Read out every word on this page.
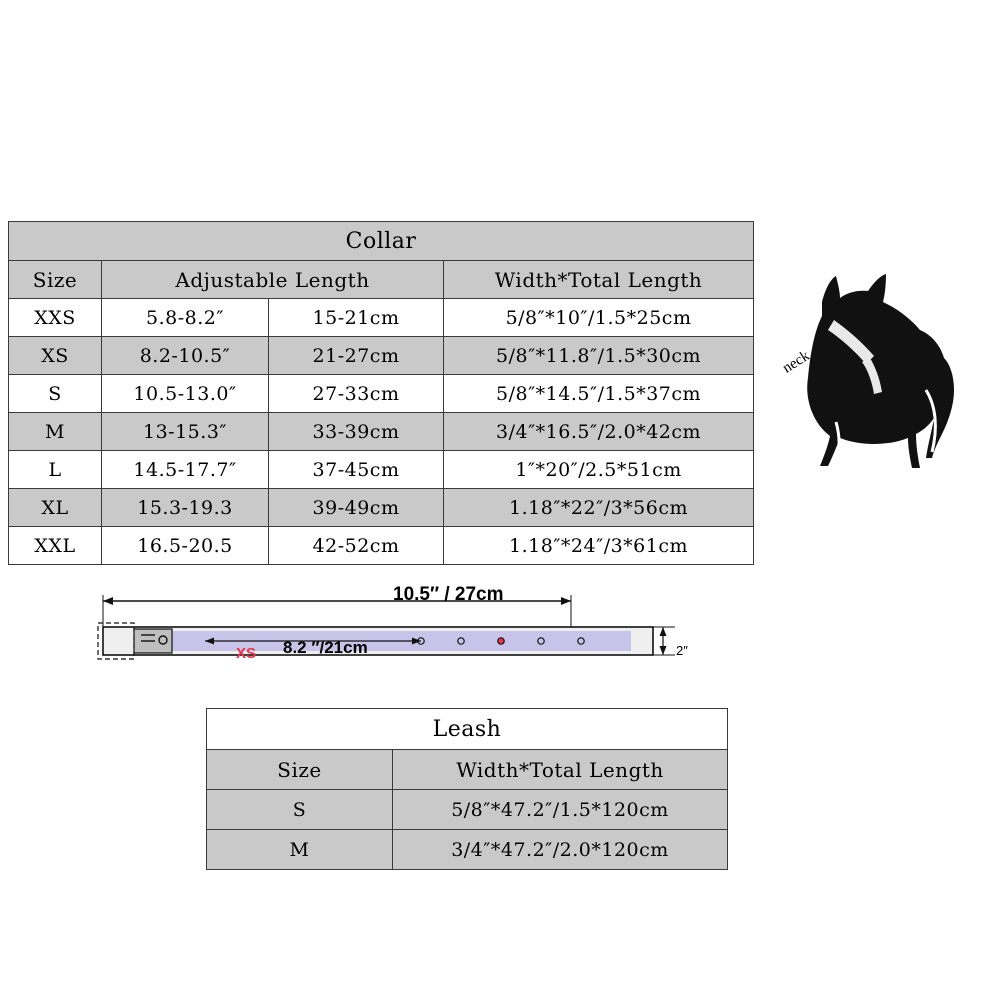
Collar			
Size	Adjustable Length		Width*Total Length
XXS	5.8-8.2″	15-21cm	5/8″*10″/1.5*25cm
XS	8.2-10.5″	21-27cm	5/8″*11.8″/1.5*30cm
S	10.5-13.0″	27-33cm	5/8″*14.5″/1.5*37cm
M	13-15.3″	33-39cm	3/4″*16.5″/2.0*42cm
L	14.5-17.7″	37-45cm	1″*20″/2.5*51cm
XL	15.3-19.3	39-49cm	1.18″*22″/3*56cm
XXL	16.5-20.5	42-52cm	1.18″*24″/3*61cm
neck
10.5″ / 27cm
8.2 ″/21cm
XS	2″
Leash	
Size	Width*Total Length
S	5/8″*47.2″/1.5*120cm
M	3/4″*47.2″/2.0*120cm
